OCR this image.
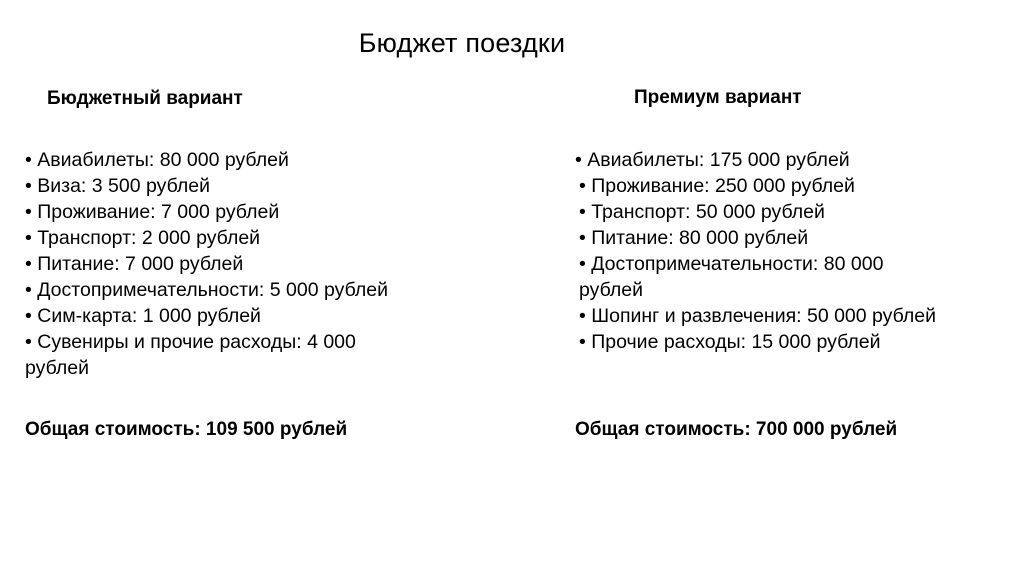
Бюджет поездки
Бюджетный вариант	Премиум вариант
• Авиабилеты: 80 000 рублей
• Виза: 3 500 рублей
• Проживание: 7 000 рублей
• Транспорт: 2 000 рублей
• Питание: 7 000 рублей
• Достопримечательности: 5 000 рублей
• Сим-карта: 1 000 рублей
• Сувениры и прочие расходы: 4 000 рублей
• Авиабилеты: 175 000 рублей
• Проживание: 250 000 рублей
• Транспорт: 50 000 рублей
• Питание: 80 000 рублей
• Достопримечательности: 80 000 рублей
• Шопинг и развлечения: 50 000 рублей
• Прочие расходы: 15 000 рублей
Общая стоимость: 109 500 рублей	Общая стоимость: 700 000 рублей
